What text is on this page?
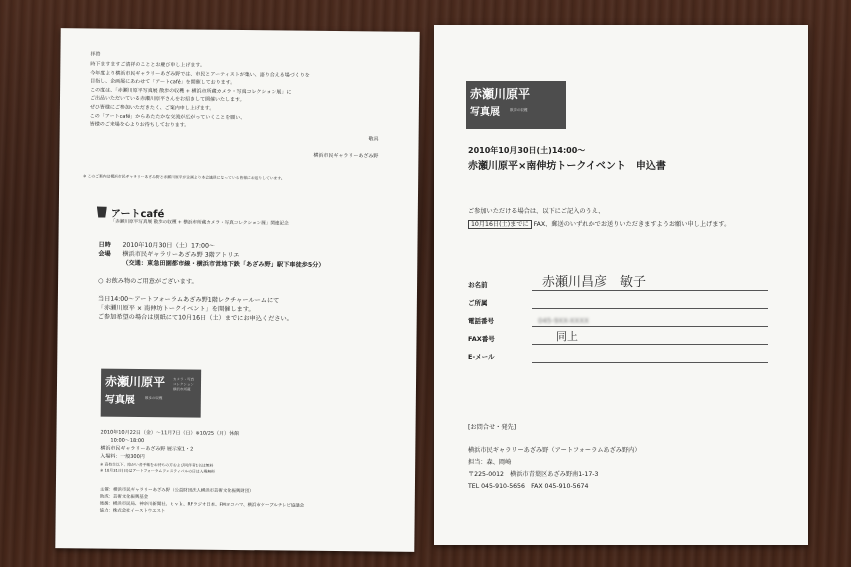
拝啓
時下ますますご清祥のこととお慶び申し上げます。
今年度より横浜市民ギャラリーあざみ野では、市民とアーティストが集い、語り合える場づくりを
目指し、企画展にあわせて「アートcafé」を開催しております。
この度は、「赤瀬川原平写真展 散歩の収穫 + 横浜市所蔵カメラ・写真コレクション展」に
ご出品いただいている赤瀬川原平さんをお招きして開催いたします。
ぜひ皆様にご参加いただきたく、ご案内申し上げます。
この「アートcafé」からあたたかな交流が広がっていくことを願い、
皆様のご来場を心よりお待ちしております。
敬具
横浜市民ギャラリーあざみ野
※ このご案内は横浜市民ギャラリーあざみ野と赤瀬川原平が企画より本会議員になっている皆様にお送りしています。
アートcafé
「赤瀬川原平写真展 散歩の収穫 + 横浜市所蔵カメラ・写真コレクション展」関連記念
日時 2010年10月30日（土）17:00～
会場 横浜市民ギャラリーあざみ野 3階アトリエ
（交通：東急田園都市線・横浜市営地下鉄「あざみ野」駅下車徒歩5分）
○ お飲み物のご用意がございます。
当日14:00～アートフォーラムあざみ野1階レクチャールームにて
「赤瀬川原平 × 南伸坊トークイベント」を開催します。
ご参加希望の場合は別紙にて10月16日（土）までにお申込ください。
赤瀬川原平
写真展	散歩の収穫
カメラ・写真
コレクション
横浜市所蔵
2010年10月22日（金）～11月7日（日）※10/25（月）休館
10:00～18:00
横浜市民ギャラリーあざみ野 展示室1・2
入場料：一般300円
※ 高校生以下、障がい者手帳をお持ちの方および同伴者1名は無料
※ 10月31日(日)はアートフォーラムフェスティバルの日は入場無料
主催：横浜市民ギャラリーあざみ野（公益財団法人横浜市芸術文化振興財団）
助成：芸術文化振興基金
後援：横浜市民局、神奈川新聞社、ｔｖｋ、RFラジオ日本、FMヨコハマ、横浜市ケーブルテレビ協議会
協力：株式会社イーストウエスト
赤瀬川原平
写真展	散歩の収穫
2010年10月30日(土)14:00～
赤瀬川原平×南伸坊トークイベント　申込書
ご参加いただける場合は、以下にご記入のうえ、
10月16日(土)までに FAX、郵送のいずれかでお送りいただきますようお願い申し上げます。
お名前	赤瀬川昌彦　敏子
ご所属
電話番号	045-9XX-XXXX
FAX番号	同上
E-メール
[お問合せ・発先]
横浜市民ギャラリーあざみ野（アートフォーラムあざみ野内）
担当：森、岡崎
〒225-0012　横浜市青葉区あざみ野南1-17-3
TEL 045-910-5656　FAX 045-910-5674
